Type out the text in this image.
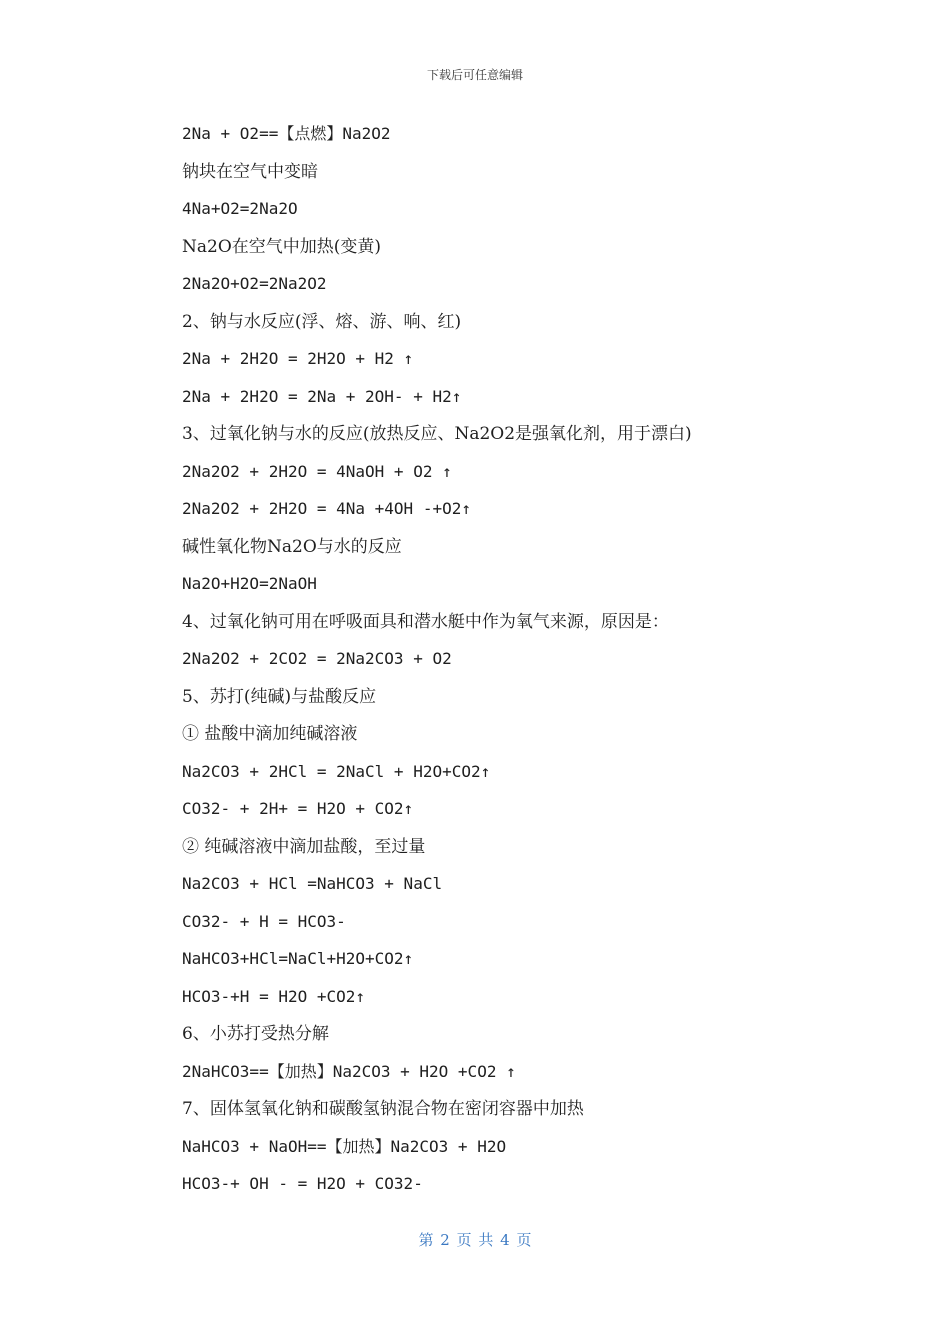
下载后可任意编辑
2Na + O2==【点燃】Na2O2
钠块在空气中变暗
4Na+O2=2Na2O
Na2O在空气中加热(变黄)
2Na2O+O2=2Na2O2
2、钠与水反应(浮、熔、游、响、红)
2Na + 2H2O = 2H2O + H2 ↑
2Na + 2H2O = 2Na + 2OH- + H2↑
3、过氧化钠与水的反应(放热反应、Na2O2是强氧化剂，用于漂白)
2Na2O2 + 2H2O = 4NaOH + O2 ↑
2Na2O2 + 2H2O = 4Na +4OH -+O2↑
碱性氧化物Na2O与水的反应
Na2O+H2O=2NaOH
4、过氧化钠可用在呼吸面具和潜水艇中作为氧气来源，原因是：
2Na2O2 + 2CO2 = 2Na2CO3 + O2
5、苏打(纯碱)与盐酸反应
① 盐酸中滴加纯碱溶液
Na2CO3 + 2HCl = 2NaCl + H2O+CO2↑
CO32- + 2H+ = H2O + CO2↑
② 纯碱溶液中滴加盐酸，至过量
Na2CO3 + HCl =NaHCO3 + NaCl
CO32- + H = HCO3-
NaHCO3+HCl=NaCl+H2O+CO2↑
HCO3-+H = H2O +CO2↑
6、小苏打受热分解
2NaHCO3==【加热】Na2CO3 + H2O +CO2 ↑
7、固体氢氧化钠和碳酸氢钠混合物在密闭容器中加热
NaHCO3 + NaOH==【加热】Na2CO3 + H2O
HCO3-+ OH - = H2O + CO32-
第 2 页 共 4 页
